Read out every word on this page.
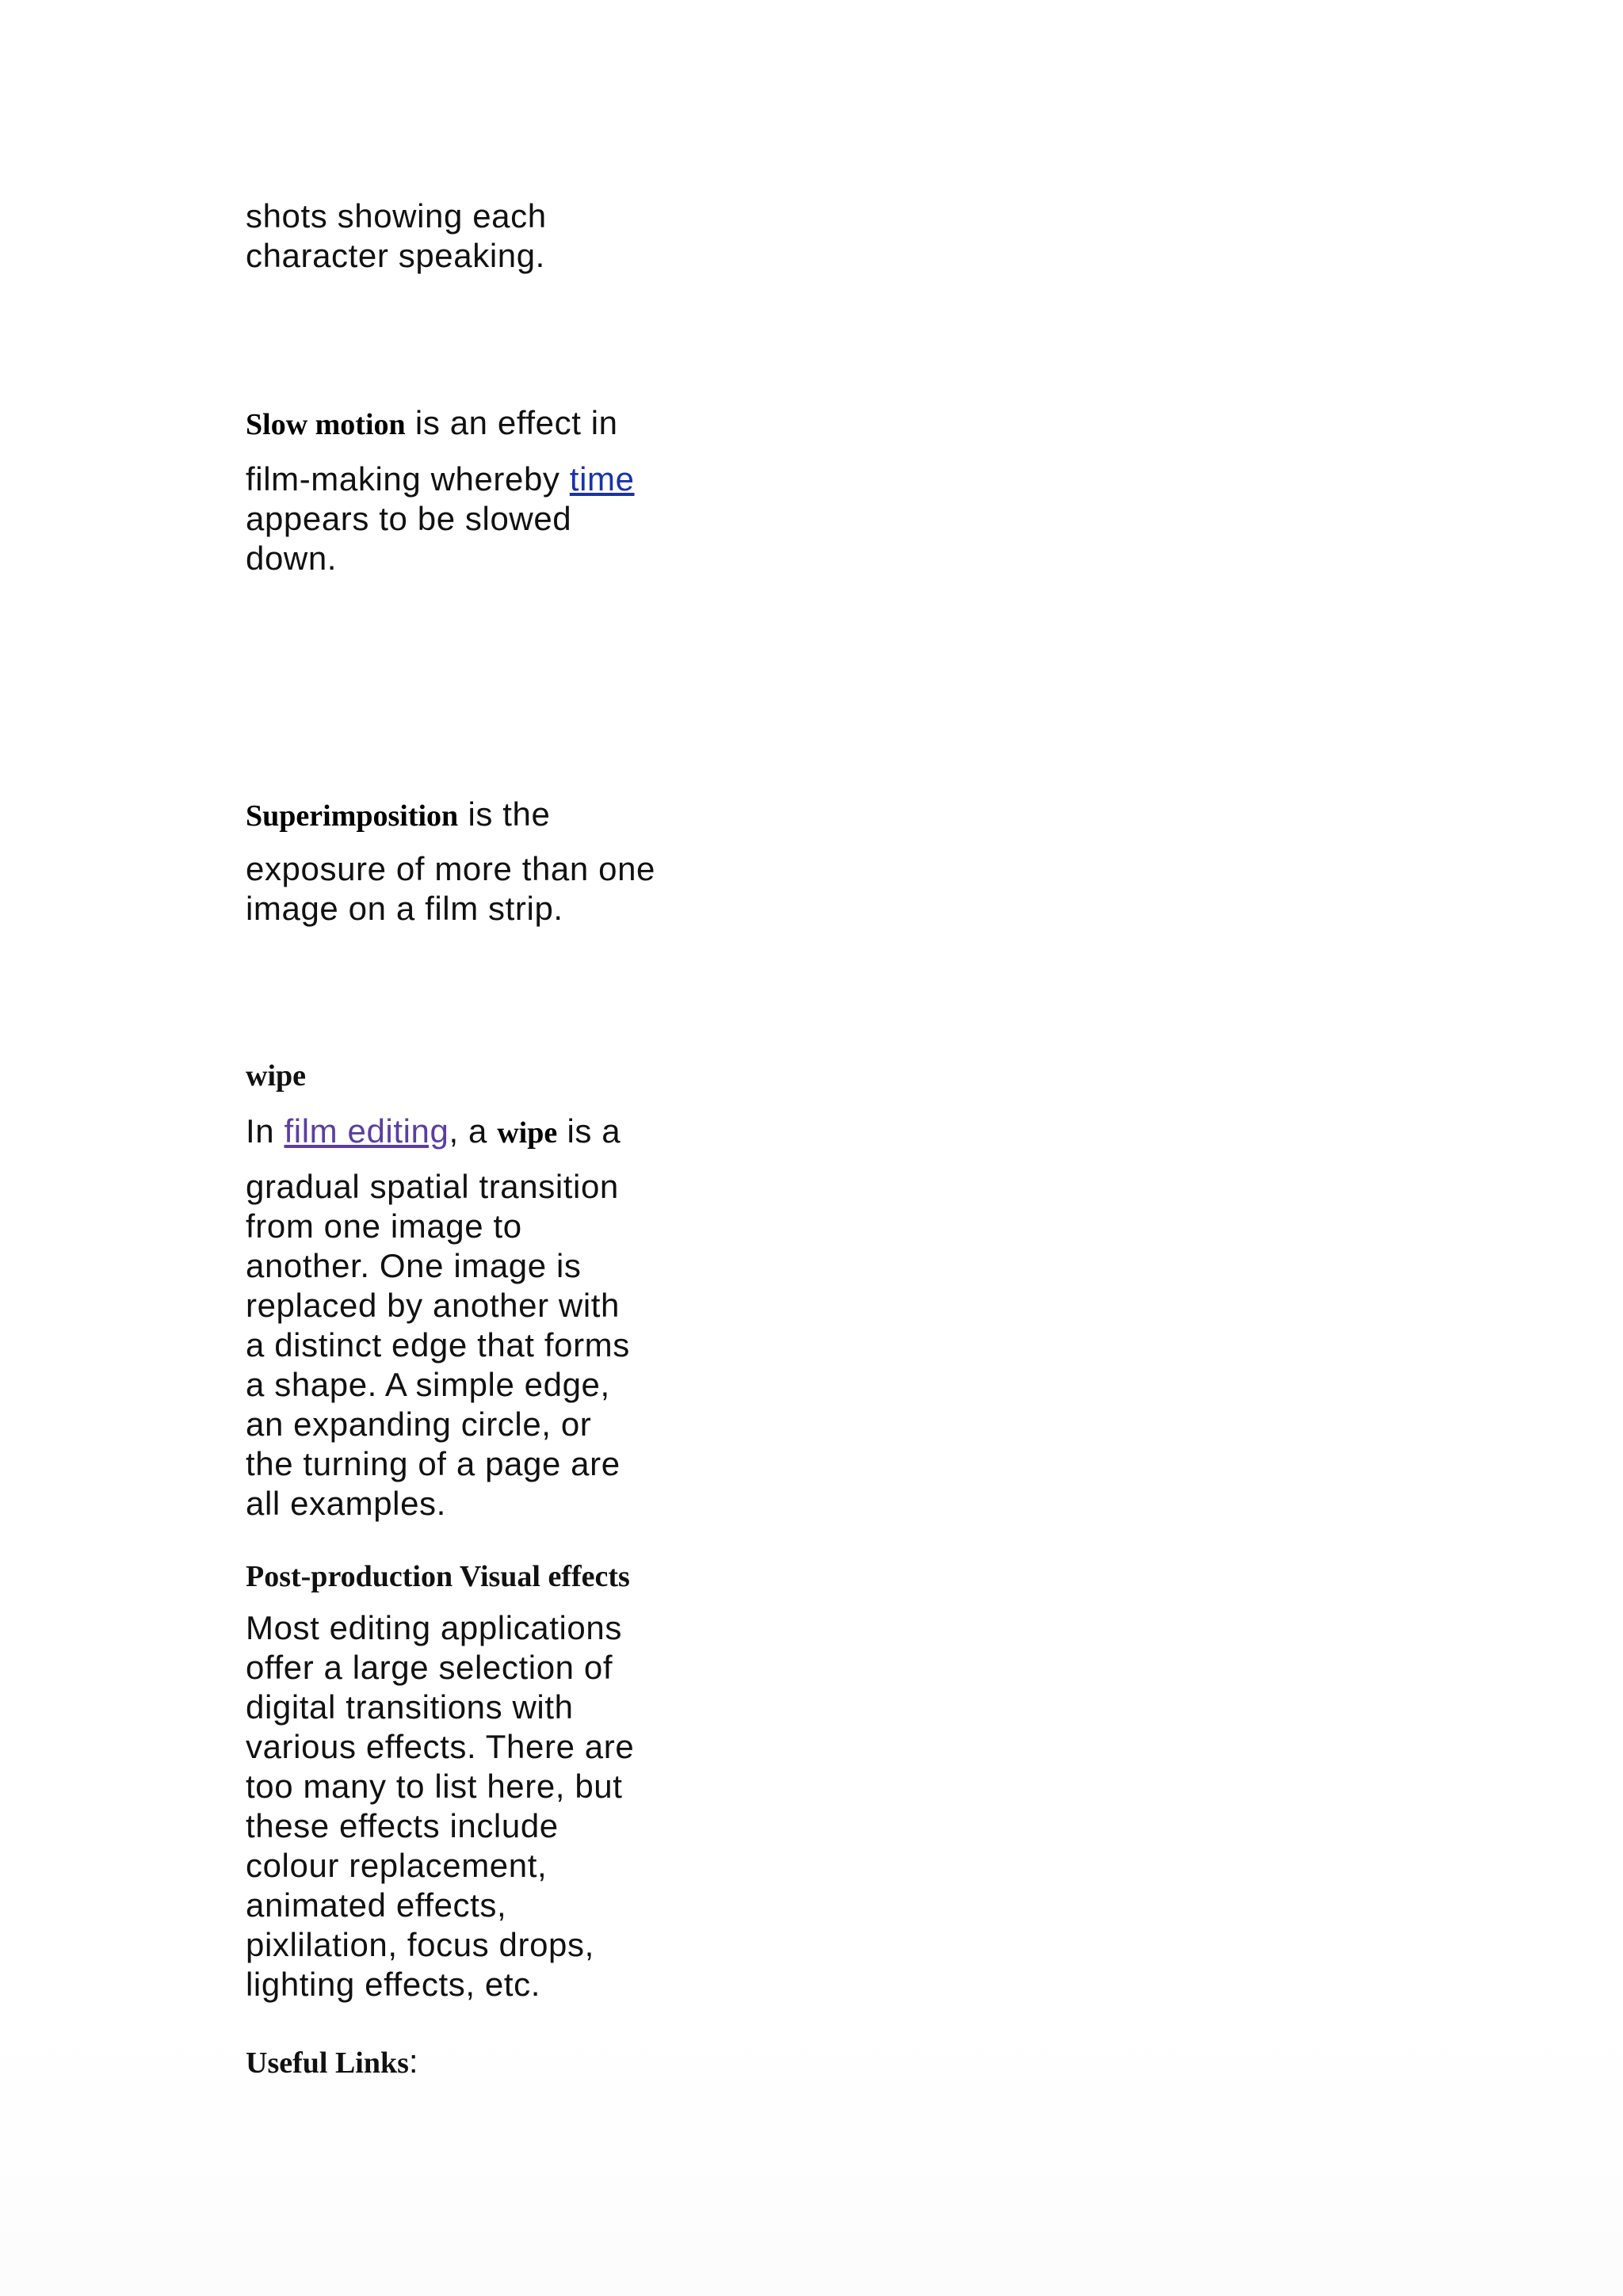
shots showing each
character speaking.
Slow motion is an effect in
film-making whereby time
appears to be slowed
down.
Superimposition is the
exposure of more than one
image on a film strip.
wipe
In film editing, a wipe is a
gradual spatial transition
from one image to
another. One image is
replaced by another with
a distinct edge that forms
a shape. A simple edge,
an expanding circle, or
the turning of a page are
all examples.
Post-production Visual effects
Most editing applications
offer a large selection of
digital transitions with
various effects. There are
too many to list here, but
these effects include
colour replacement,
animated effects,
pixlilation, focus drops,
lighting effects, etc.
Useful Links:
